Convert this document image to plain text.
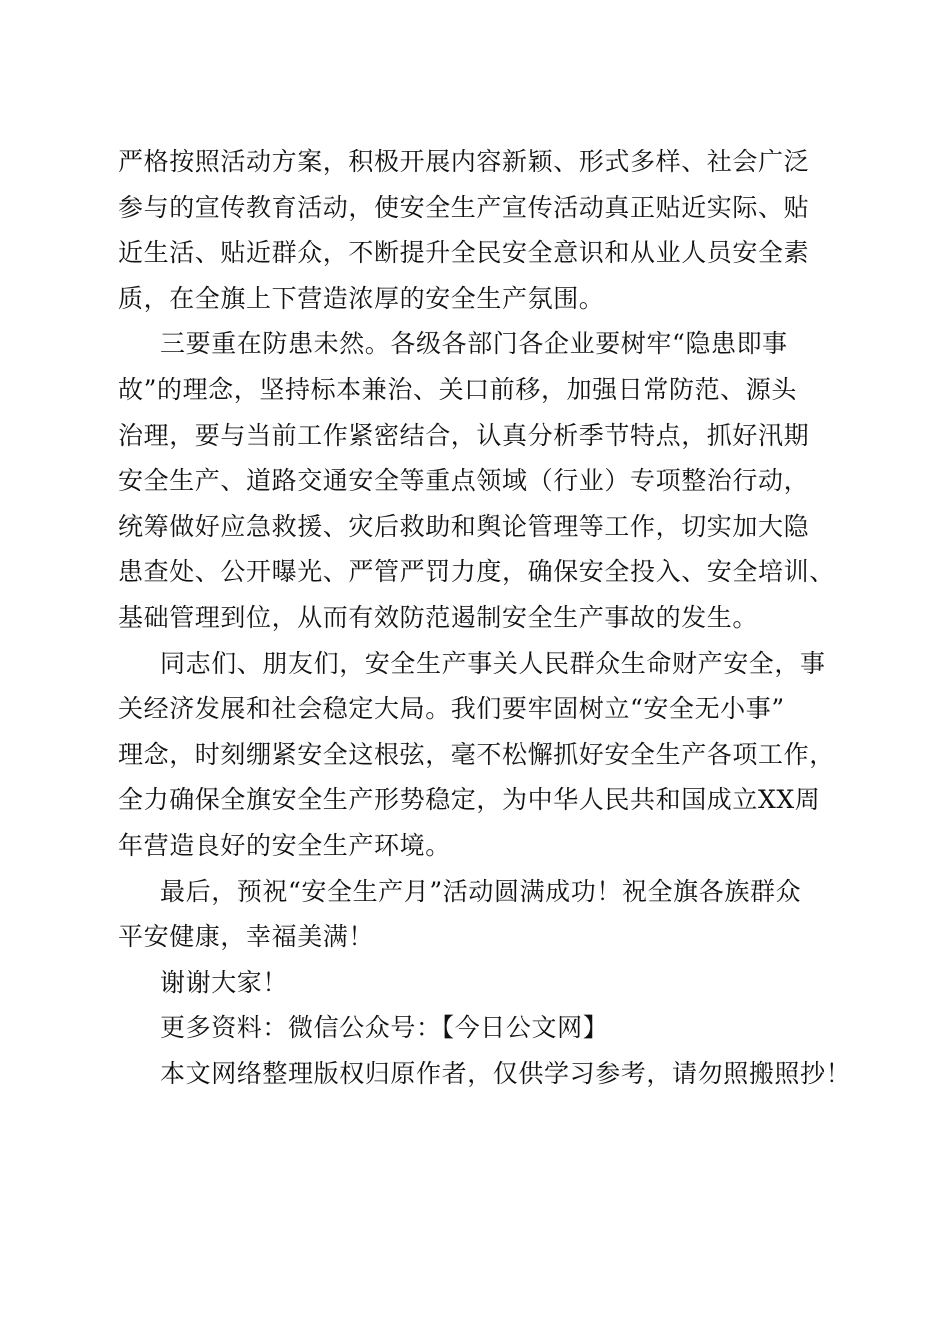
严格按照活动方案，积极开展内容新颖、形式多样、社会广泛
参与的宣传教育活动，使安全生产宣传活动真正贴近实际、贴
近生活、贴近群众，不断提升全民安全意识和从业人员安全素
质，在全旗上下营造浓厚的安全生产氛围。
三要重在防患未然。各级各部门各企业要树牢“隐患即事
故”的理念，坚持标本兼治、关口前移，加强日常防范、源头
治理，要与当前工作紧密结合，认真分析季节特点，抓好汛期
安全生产、道路交通安全等重点领域（行业）专项整治行动，
统筹做好应急救援、灾后救助和舆论管理等工作，切实加大隐
患查处、公开曝光、严管严罚力度，确保安全投入、安全培训、
基础管理到位，从而有效防范遏制安全生产事故的发生。
同志们、朋友们，安全生产事关人民群众生命财产安全，事
关经济发展和社会稳定大局。我们要牢固树立“安全无小事”
理念，时刻绷紧安全这根弦，毫不松懈抓好安全生产各项工作，
全力确保全旗安全生产形势稳定，为中华人民共和国成立XX周
年营造良好的安全生产环境。
最后，预祝“安全生产月”活动圆满成功！祝全旗各族群众
平安健康，幸福美满！
谢谢大家！
更多资料：微信公众号：【今日公文网】
本文网络整理版权归原作者，仅供学习参考，请勿照搬照抄！
